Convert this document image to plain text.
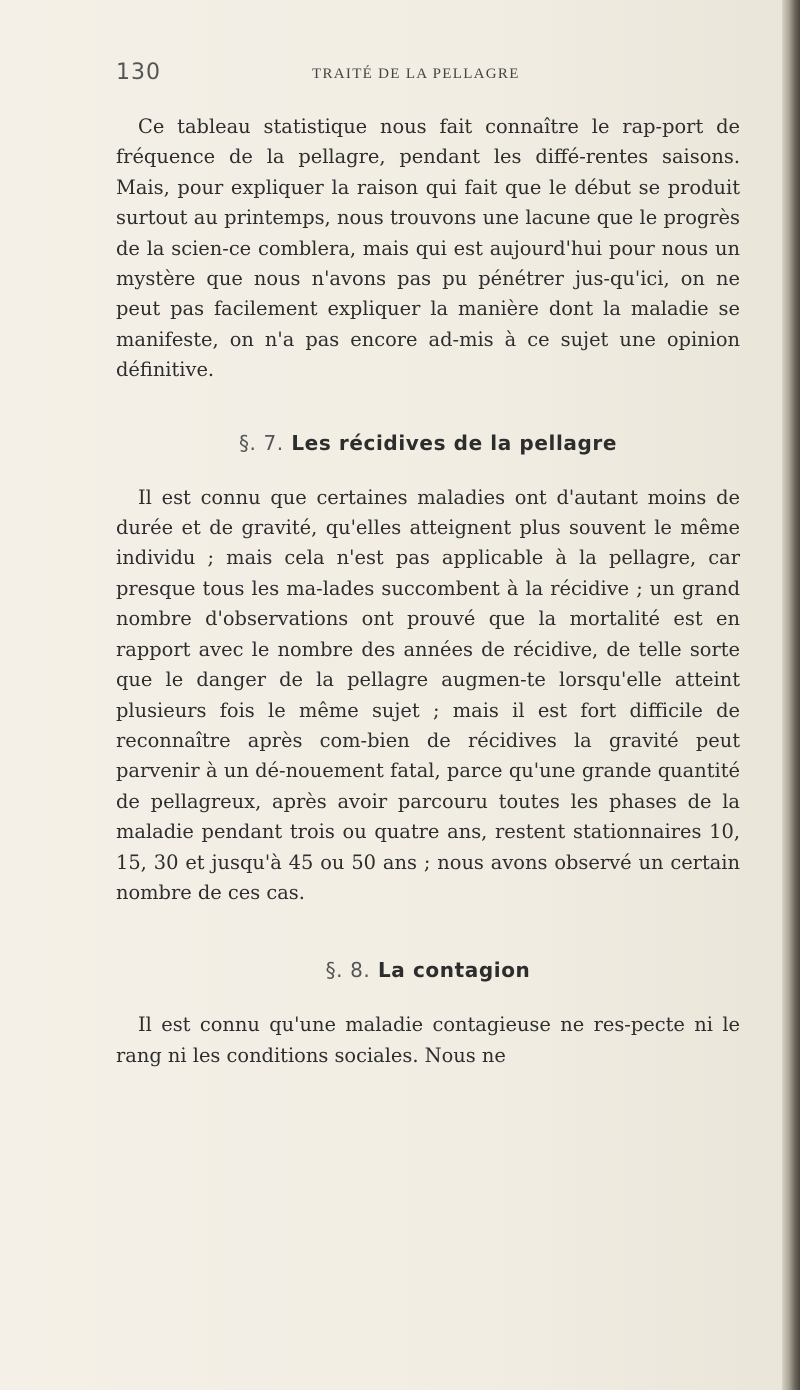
130	TRAITÉ DE LA PELLAGRE

Ce tableau statistique nous fait connaître le rap-port de fréquence de la pellagre, pendant les diffé-rentes saisons. Mais, pour expliquer la raison qui fait que le début se produit surtout au printemps, nous trouvons une lacune que le progrès de la scien-ce comblera, mais qui est aujourd'hui pour nous un mystère que nous n'avons pas pu pénétrer jus-qu'ici, on ne peut pas facilement expliquer la manière dont la maladie se manifeste, on n'a pas encore ad-mis à ce sujet une opinion définitive.

§. 7. Les récidives de la pellagre

Il est connu que certaines maladies ont d'autant moins de durée et de gravité, qu'elles atteignent plus souvent le même individu ; mais cela n'est pas applicable à la pellagre, car presque tous les ma-lades succombent à la récidive ; un grand nombre d'observations ont prouvé que la mortalité est en rapport avec le nombre des années de récidive, de telle sorte que le danger de la pellagre augmen-te lorsqu'elle atteint plusieurs fois le même sujet ; mais il est fort difficile de reconnaître après com-bien de récidives la gravité peut parvenir à un dé-nouement fatal, parce qu'une grande quantité de pellagreux, après avoir parcouru toutes les phases de la maladie pendant trois ou quatre ans, restent stationnaires 10, 15, 30 et jusqu'à 45 ou 50 ans ; nous avons observé un certain nombre de ces cas.

§. 8. La contagion

Il est connu qu'une maladie contagieuse ne res-pecte ni le rang ni les conditions sociales. Nous ne
